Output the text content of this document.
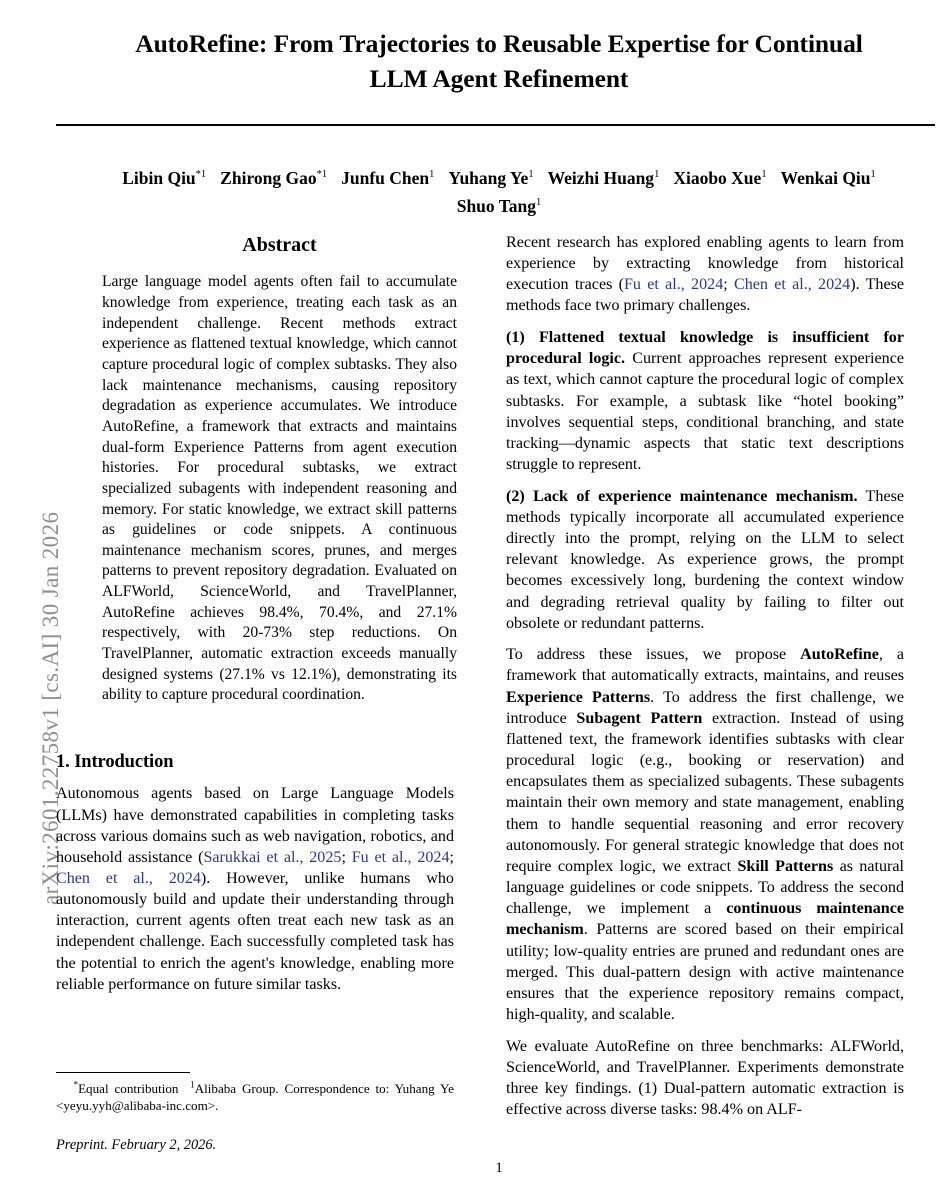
arXiv:2601.22758v1 [cs.AI] 30 Jan 2026
AutoRefine: From Trajectories to Reusable Expertise for Continual LLM Agent Refinement
Libin Qiu$^{*1}$ Zhirong Gao$^{*1}$ Junfu Chen$^1$ Yuhang Ye$^1$ Weizhi Huang$^1$ Xiaobo Xue$^1$ Wenkai Qiu$^1$
Shuo Tang$^1$
Abstract

Large language model agents often fail to accumulate knowledge from experience, treating each task as an independent challenge. Recent methods extract experience as flattened textual knowledge, which cannot capture procedural logic of complex subtasks. They also lack maintenance mechanisms, causing repository degradation as experience accumulates. We introduce AutoRefine, a framework that extracts and maintains dual-form Experience Patterns from agent execution histories. For procedural subtasks, we extract specialized subagents with independent reasoning and memory. For static knowledge, we extract skill patterns as guidelines or code snippets. A continuous maintenance mechanism scores, prunes, and merges patterns to prevent repository degradation. Evaluated on ALFWorld, ScienceWorld, and TravelPlanner, AutoRefine achieves 98.4%, 70.4%, and 27.1% respectively, with 20-73% step reductions. On TravelPlanner, automatic extraction exceeds manually designed systems (27.1% vs 12.1%), demonstrating its ability to capture procedural coordination.

1. Introduction

Autonomous agents based on Large Language Models (LLMs) have demonstrated capabilities in completing tasks across various domains such as web navigation, robotics, and household assistance (Sarukkai et al., 2025; Fu et al., 2024; Chen et al., 2024). However, unlike humans who autonomously build and update their understanding through interaction, current agents often treat each new task as an independent challenge. Each successfully completed task has the potential to enrich the agent's knowledge, enabling more reliable performance on future similar tasks.

Recent research has explored enabling agents to learn from experience by extracting knowledge from historical execution traces (Fu et al., 2024; Chen et al., 2024). These methods face two primary challenges.

(1) Flattened textual knowledge is insufficient for procedural logic. Current approaches represent experience as text, which cannot capture the procedural logic of complex subtasks. For example, a subtask like “hotel booking” involves sequential steps, conditional branching, and state tracking—dynamic aspects that static text descriptions struggle to represent.

(2) Lack of experience maintenance mechanism. These methods typically incorporate all accumulated experience directly into the prompt, relying on the LLM to select relevant knowledge. As experience grows, the prompt becomes excessively long, burdening the context window and degrading retrieval quality by failing to filter out obsolete or redundant patterns.

To address these issues, we propose AutoRefine, a framework that automatically extracts, maintains, and reuses Experience Patterns. To address the first challenge, we introduce Subagent Pattern extraction. Instead of using flattened text, the framework identifies subtasks with clear procedural logic (e.g., booking or reservation) and encapsulates them as specialized subagents. These subagents maintain their own memory and state management, enabling them to handle sequential reasoning and error recovery autonomously. For general strategic knowledge that does not require complex logic, we extract Skill Patterns as natural language guidelines or code snippets. To address the second challenge, we implement a continuous maintenance mechanism. Patterns are scored based on their empirical utility; low-quality entries are pruned and redundant ones are merged. This dual-pattern design with active maintenance ensures that the experience repository remains compact, high-quality, and scalable.

We evaluate AutoRefine on three benchmarks: ALFWorld, ScienceWorld, and TravelPlanner. Experiments demonstrate three key findings. (1) Dual-pattern automatic extraction is effective across diverse tasks: 98.4% on ALF-

*Equal contribution $^1$Alibaba Group. Correspondence to: Yuhang Ye <yeyu.yyh@alibaba-inc.com>.

Preprint. February 2, 2026.

1
